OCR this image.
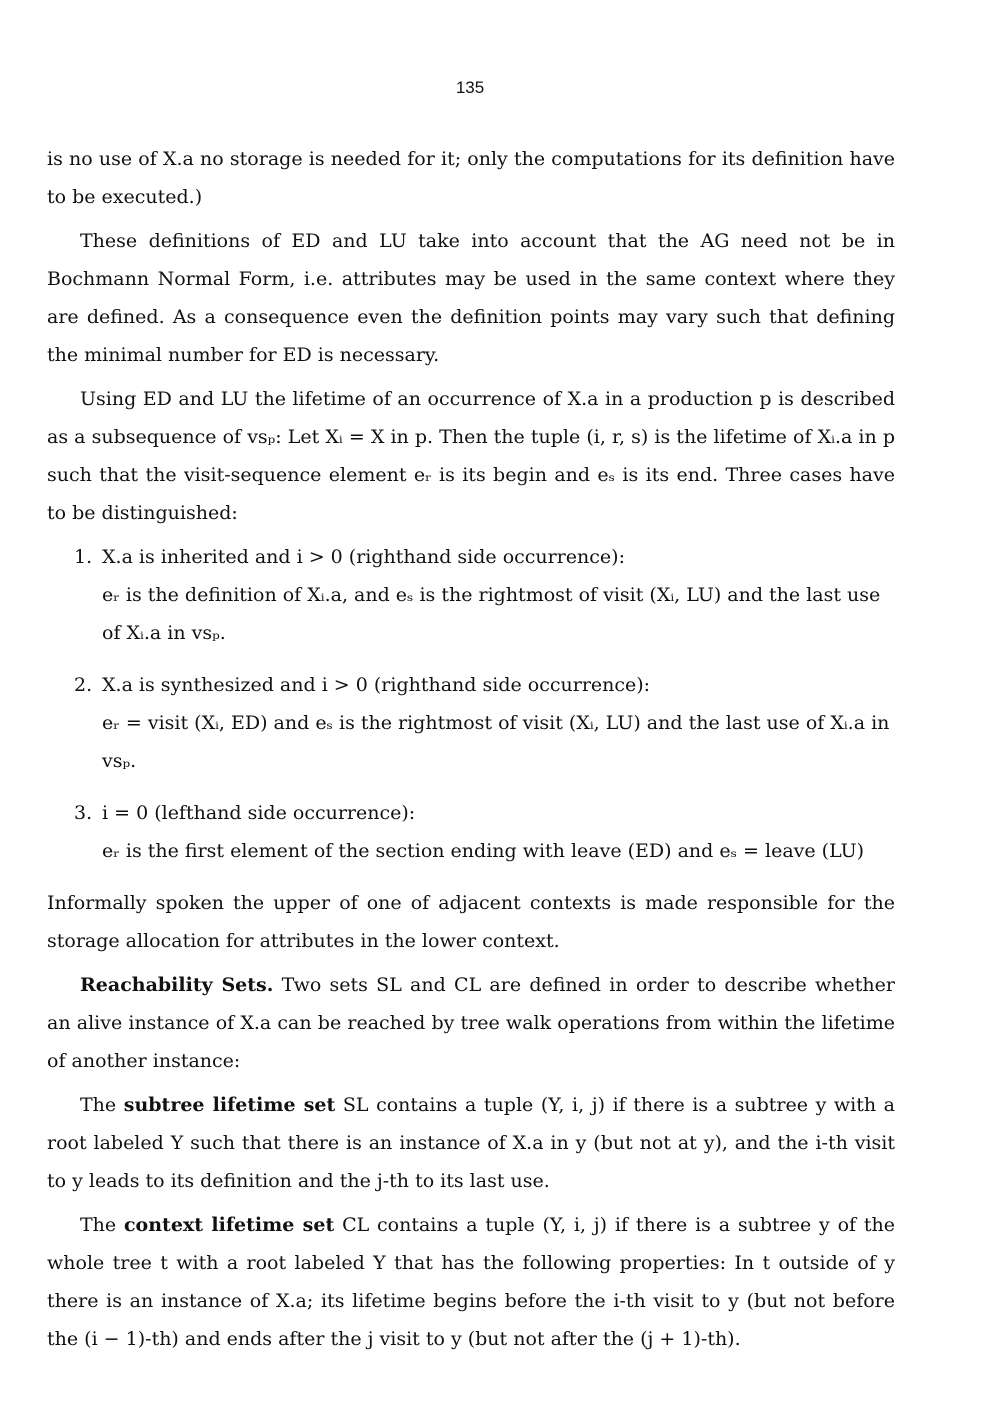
135

is no use of X.a no storage is needed for it; only the computations for its definition have to be executed.)

These definitions of ED and LU take into account that the AG need not be in Bochmann Normal Form, i.e. attributes may be used in the same context where they are defined. As a consequence even the definition points may vary such that defining the minimal number for ED is necessary.

Using ED and LU the lifetime of an occurrence of X.a in a production p is described as a subsequence of vsₚ: Let Xᵢ = X in p. Then the tuple (i, r, s) is the lifetime of Xᵢ.a in p such that the visit-sequence element eᵣ is its begin and eₛ is its end. Three cases have to be distinguished:

1. X.a is inherited and i > 0 (righthand side occurrence):
eᵣ is the definition of Xᵢ.a, and eₛ is the rightmost of visit (Xᵢ, LU) and the last use of Xᵢ.a in vsₚ.
2. X.a is synthesized and i > 0 (righthand side occurrence):
eᵣ = visit (Xᵢ, ED) and eₛ is the rightmost of visit (Xᵢ, LU) and the last use of Xᵢ.a in vsₚ.
3. i = 0 (lefthand side occurrence):
eᵣ is the first element of the section ending with leave (ED) and eₛ = leave (LU)

Informally spoken the upper of one of adjacent contexts is made responsible for the storage allocation for attributes in the lower context.

Reachability Sets. Two sets SL and CL are defined in order to describe whether an alive instance of X.a can be reached by tree walk operations from within the lifetime of another instance:

The subtree lifetime set SL contains a tuple (Y, i, j) if there is a subtree y with a root labeled Y such that there is an instance of X.a in y (but not at y), and the i-th visit to y leads to its definition and the j-th to its last use.

The context lifetime set CL contains a tuple (Y, i, j) if there is a subtree y of the whole tree t with a root labeled Y that has the following properties: In t outside of y there is an instance of X.a; its lifetime begins before the i-th visit to y (but not before the (i − 1)-th) and ends after the j visit to y (but not after the (j + 1)-th).
